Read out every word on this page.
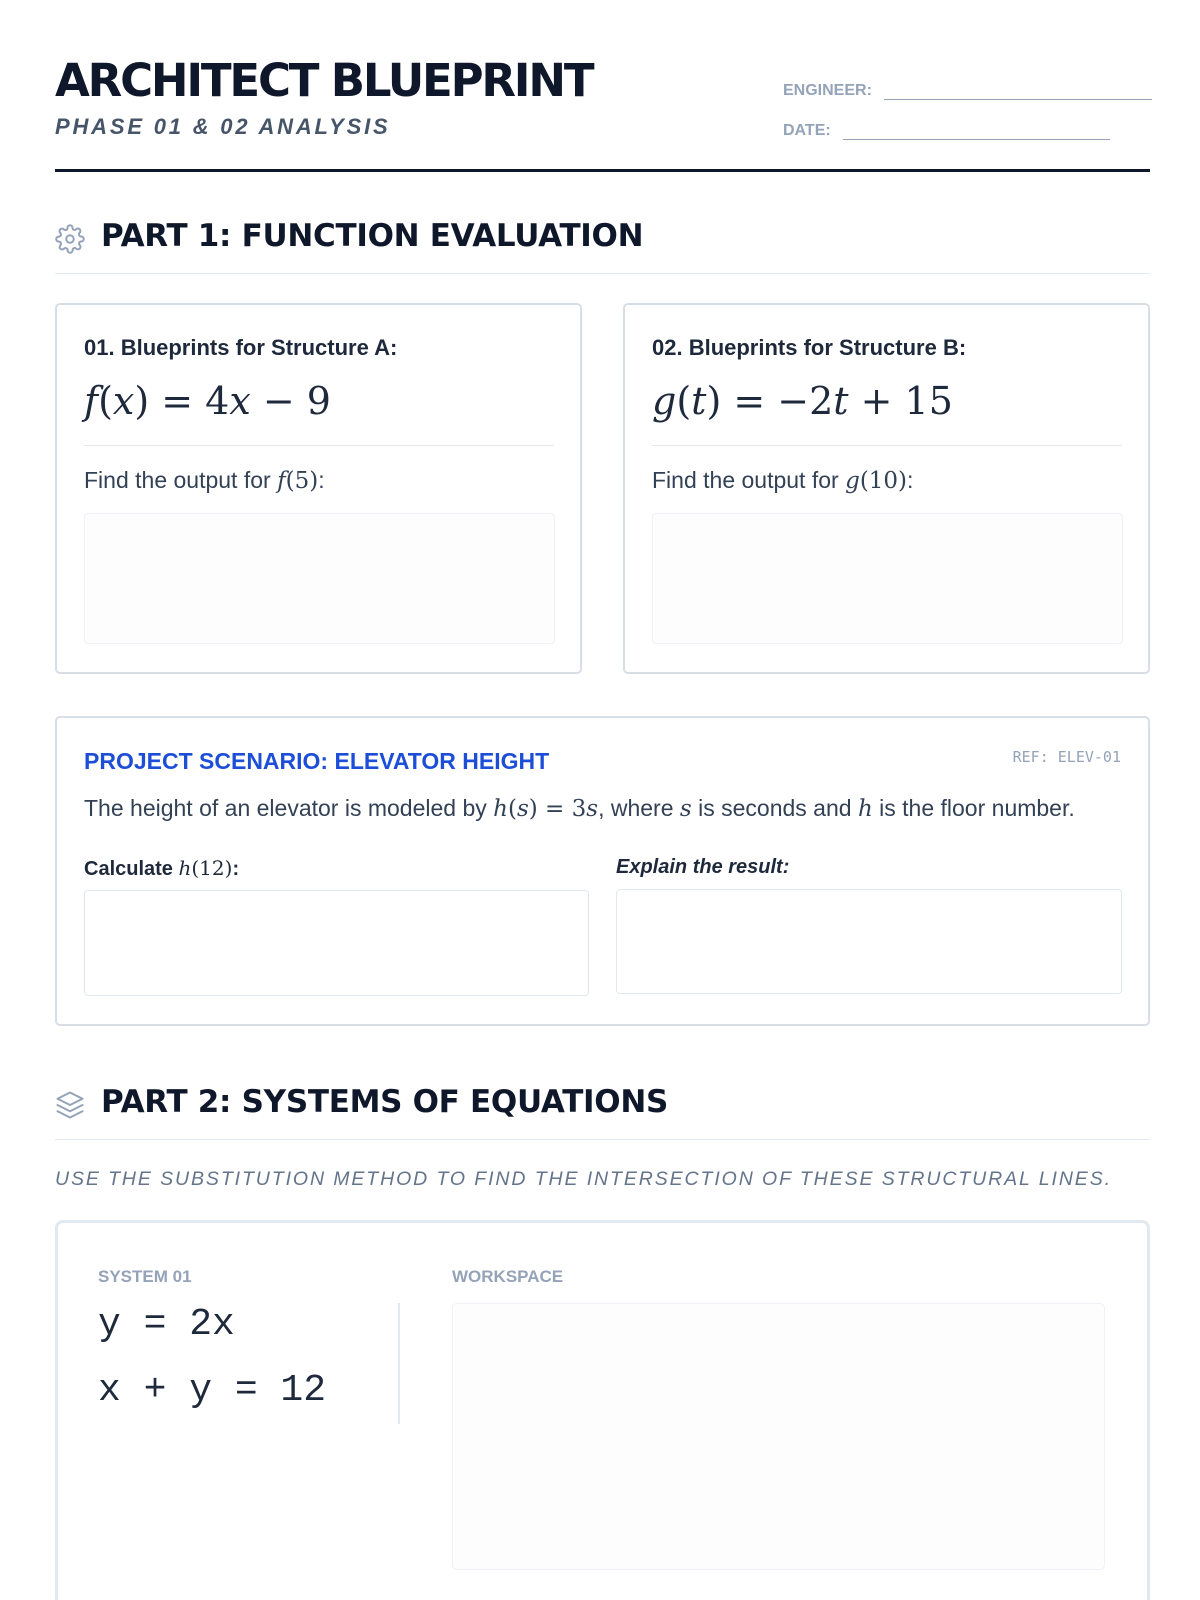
ARCHITECT BLUEPRINT
PHASE 01 & 02 ANALYSIS
ENGINEER:
DATE:
PART 1: FUNCTION EVALUATION
01. Blueprints for Structure A:
f(x) = 4x − 9
Find the output for f(5):
02. Blueprints for Structure B:
g(t) = −2t + 15
Find the output for g(10):
PROJECT SCENARIO: ELEVATOR HEIGHT	REF: ELEV-01
The height of an elevator is modeled by h(s) = 3s, where s is seconds and h is the floor number.
Calculate h(12):	Explain the result:
PART 2: SYSTEMS OF EQUATIONS
USE THE SUBSTITUTION METHOD TO FIND THE INTERSECTION OF THESE STRUCTURAL LINES.
SYSTEM 01	WORKSPACE
y = 2x
x + y = 12
